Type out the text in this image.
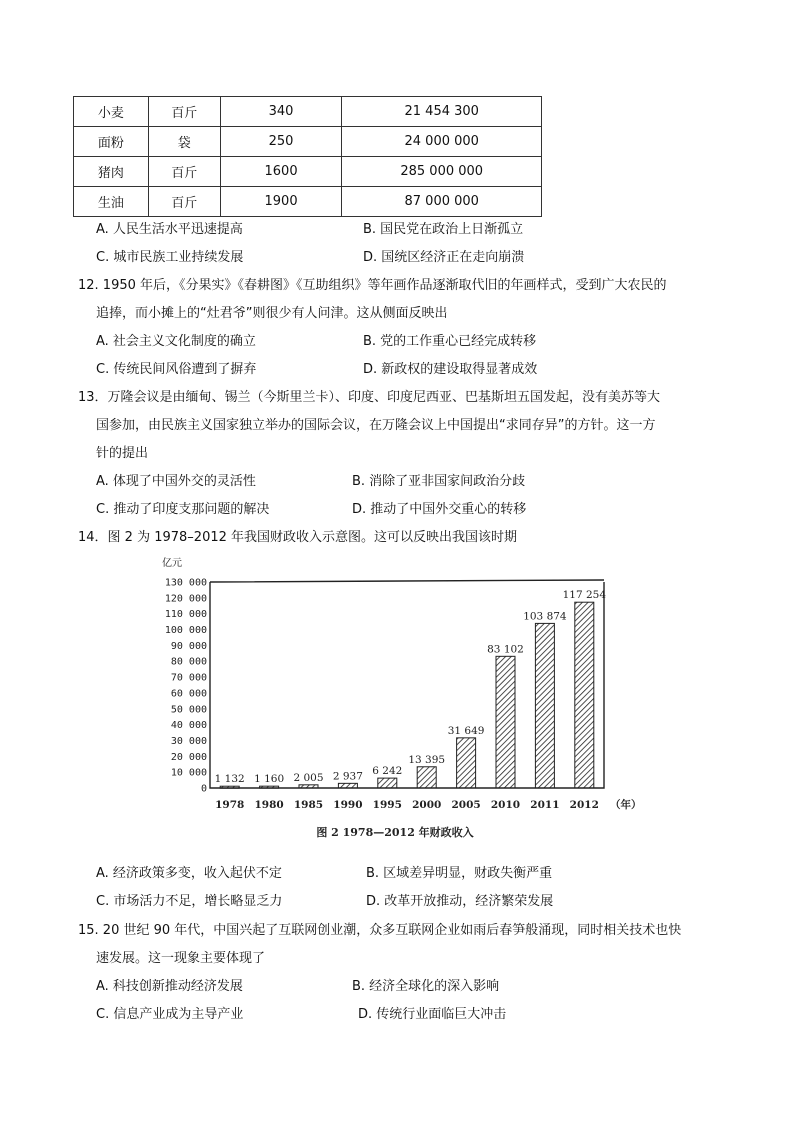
小麦	百斤	340	21 454 300
面粉	袋	250	24 000 000
猪肉	百斤	1600	285 000 000
生油	百斤	1900	87 000 000
A. 人民生活水平迅速提高	B. 国民党在政治上日渐孤立
C. 城市民族工业持续发展	D. 国统区经济正在走向崩溃
12. 1950 年后，《分果实》《春耕图》《互助组织》等年画作品逐渐取代旧的年画样式，受到广大农民的
追捧，而小摊上的“灶君爷”则很少有人问津。这从侧面反映出
A. 社会主义文化制度的确立	B. 党的工作重心已经完成转移
C. 传统民间风俗遭到了摒弃	D. 新政权的建设取得显著成效
13．万隆会议是由缅甸、锡兰（今斯里兰卡）、印度、印度尼西亚、巴基斯坦五国发起，没有美苏等大
国参加，由民族主义国家独立举办的国际会议，在万隆会议上中国提出“求同存异”的方针。这一方
针的提出
A. 体现了中国外交的灵活性	B. 消除了亚非国家间政治分歧
C. 推动了印度支那问题的解决	D. 推动了中国外交重心的转移
14．图 2 为 1978–2012 年我国财政收入示意图。这可以反映出我国该时期
亿元
0
10 000
20 000
30 000
40 000
50 000
60 000
70 000
80 000
90 000
100 000
110 000
120 000
130 000
1 132 1 160 2 005 2 937 6 242
13 395
31 649
83 102
103 874
117 254
1978 1980 1985 1990 1995 2000 2005 2010 2011 2012 （年）
图 2 1978—2012 年财政收入
A. 经济政策多变，收入起伏不定	B. 区域差异明显，财政失衡严重
C. 市场活力不足，增长略显乏力	D. 改革开放推动，经济繁荣发展
15. 20 世纪 90 年代，中国兴起了互联网创业潮，众多互联网企业如雨后春笋般涌现，同时相关技术也快
速发展。这一现象主要体现了
A. 科技创新推动经济发展	B. 经济全球化的深入影响
C. 信息产业成为主导产业	D. 传统行业面临巨大冲击
